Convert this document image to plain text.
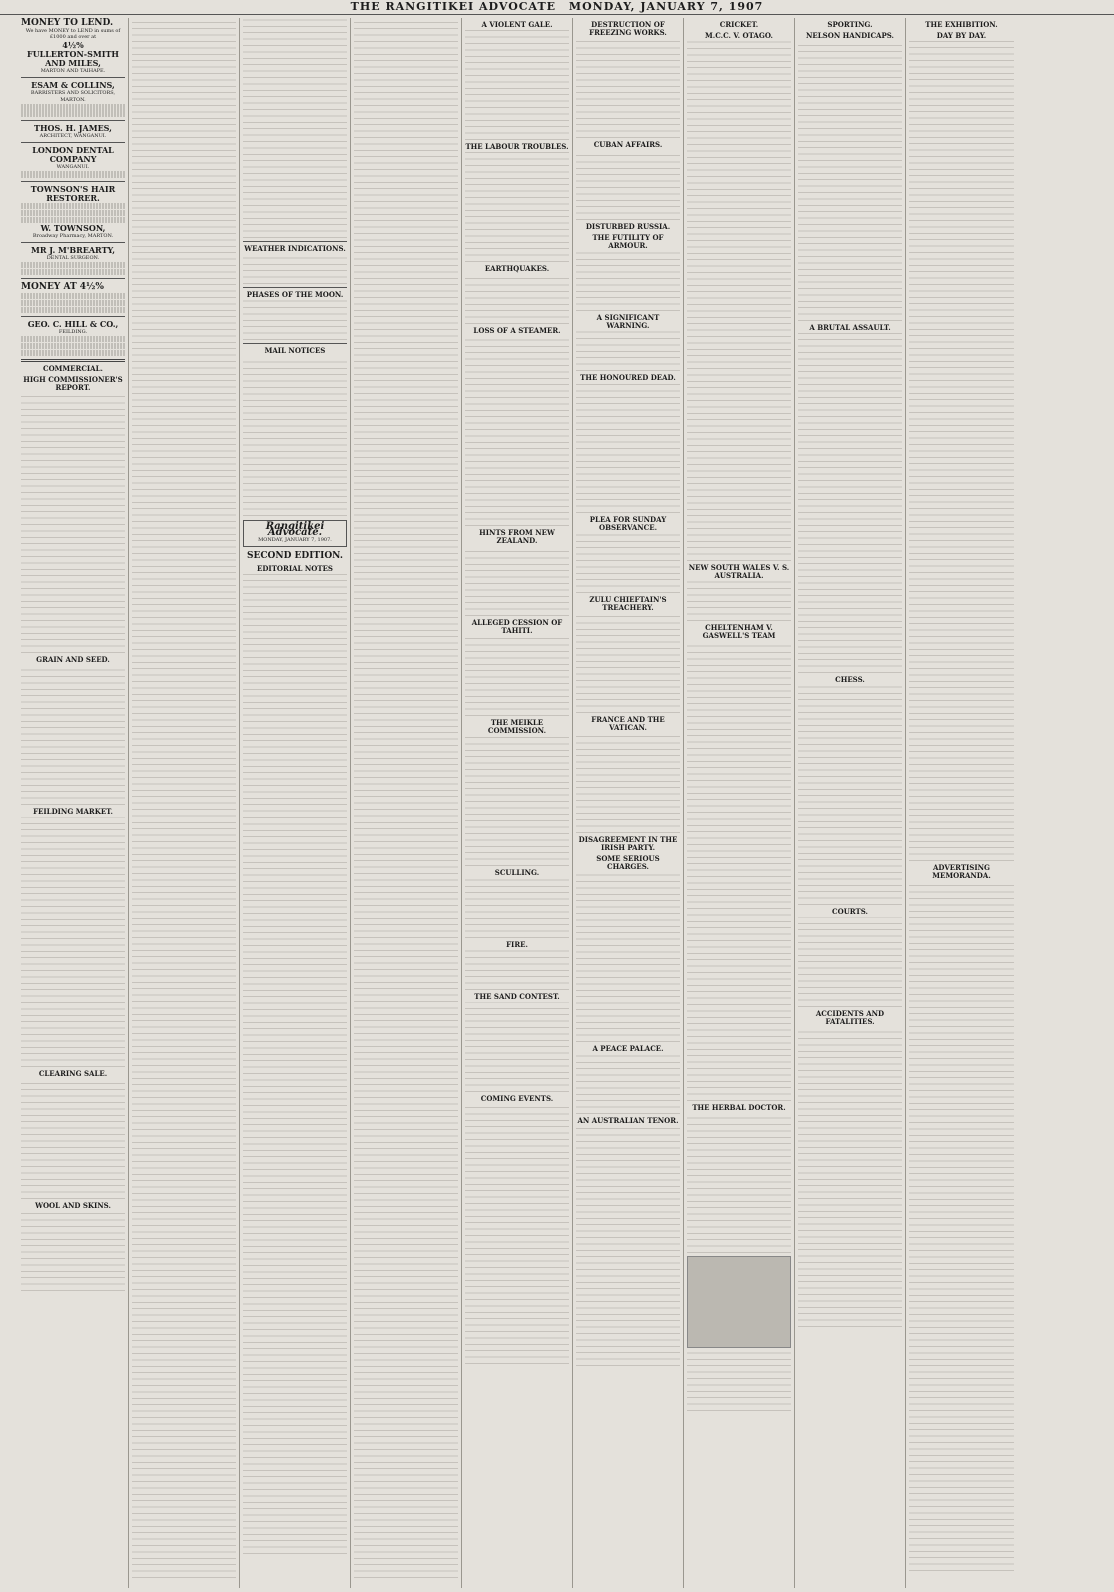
THE RANGITIKEI ADVOCATE MONDAY, JANUARY 7, 1907
MONEY TO LEND.
We have MONEY to LEND in sums of £1000 and over at
4½%
FULLERTON-SMITH AND MILES,
MARTON AND TAIHAPE.
ESAM & COLLINS,
BARRISTERS AND SOLICITORS, MARTON.
THOS. H. JAMES,
ARCHITECT, WANGANUI.
LONDON DENTAL COMPANY
WANGANUI.
TOWNSON'S HAIR RESTORER.
W. TOWNSON,
Broadway Pharmacy, MARTON.
MR J. M'BREARTY,
DENTAL SURGEON.
MONEY AT 4½%
GEO. C. HILL & CO.,
FEILDING.
COMMERCIAL.
HIGH COMMISSIONER'S REPORT.
GRAIN AND SEED.
FEILDING MARKET.
CLEARING SALE.
WOOL AND SKINS.
WEATHER INDICATIONS.
PHASES OF THE MOON.
MAIL NOTICES
Rangitikei Advocate.
MONDAY, JANUARY 7, 1907.
SECOND EDITION.
EDITORIAL NOTES
A VIOLENT GALE.
THE LABOUR TROUBLES.
EARTHQUAKES.
LOSS OF A STEAMER.
HINTS FROM NEW ZEALAND.
ALLEGED CESSION OF TAHITI.
THE MEIKLE COMMISSION.
SCULLING.
FIRE.
THE SAND CONTEST.
COMING EVENTS.
DESTRUCTION OF FREEZING WORKS.
CUBAN AFFAIRS.
DISTURBED RUSSIA.
THE FUTILITY OF ARMOUR.
A SIGNIFICANT WARNING.
THE HONOURED DEAD.
PLEA FOR SUNDAY OBSERVANCE.
ZULU CHIEFTAIN'S TREACHERY.
FRANCE AND THE VATICAN.
DISAGREEMENT IN THE IRISH PARTY.
SOME SERIOUS CHARGES.
A PEACE PALACE.
AN AUSTRALIAN TENOR.
CRICKET.
M.C.C. V. OTAGO.
NEW SOUTH WALES V. S. AUSTRALIA.
CHELTENHAM V. GASWELL'S TEAM
THE HERBAL DOCTOR.
SPORTING.
NELSON HANDICAPS.
A BRUTAL ASSAULT.
CHESS.
COURTS.
ACCIDENTS AND FATALITIES.
THE EXHIBITION.
DAY BY DAY.
ADVERTISING MEMORANDA.
